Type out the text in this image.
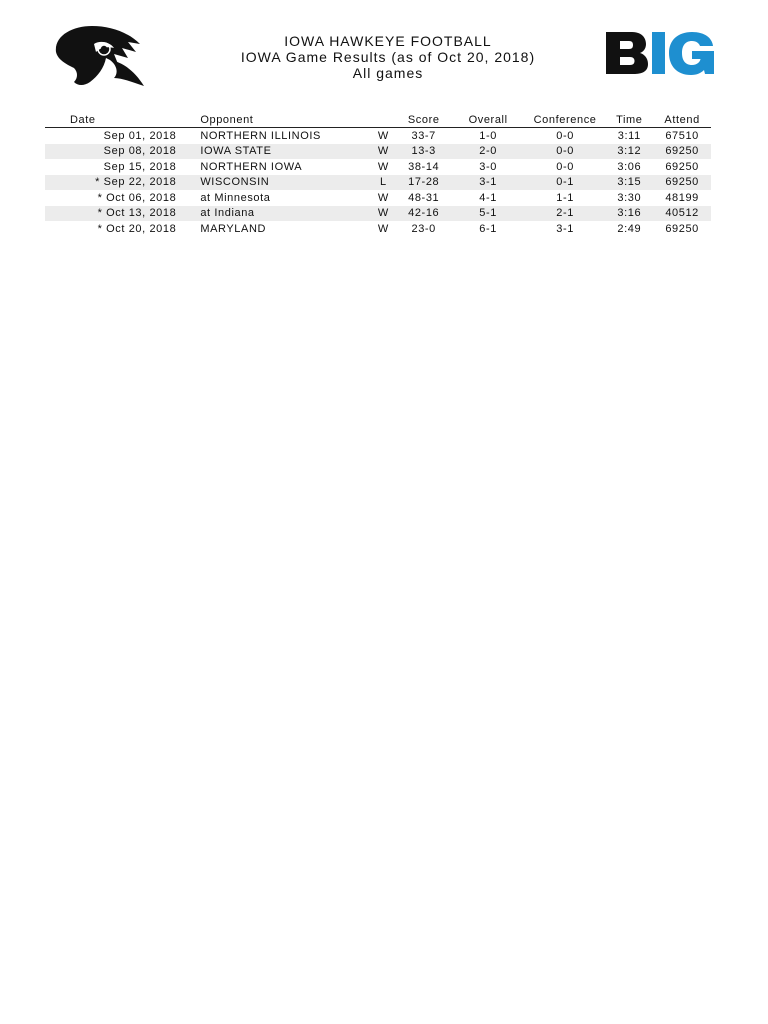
IOWA HAWKEYE FOOTBALL
IOWA Game Results (as of Oct 20, 2018)
All games
Date	Opponent		Score	Overall	Conference	Time	Attend
Sep 01, 2018	NORTHERN ILLINOIS	W	33-7	1-0	0-0	3:11	67510
Sep 08, 2018	IOWA STATE	W	13-3	2-0	0-0	3:12	69250
Sep 15, 2018	NORTHERN IOWA	W	38-14	3-0	0-0	3:06	69250
* Sep 22, 2018	WISCONSIN	L	17-28	3-1	0-1	3:15	69250
* Oct 06, 2018	at Minnesota	W	48-31	4-1	1-1	3:30	48199
* Oct 13, 2018	at Indiana	W	42-16	5-1	2-1	3:16	40512
* Oct 20, 2018	MARYLAND	W	23-0	6-1	3-1	2:49	69250
